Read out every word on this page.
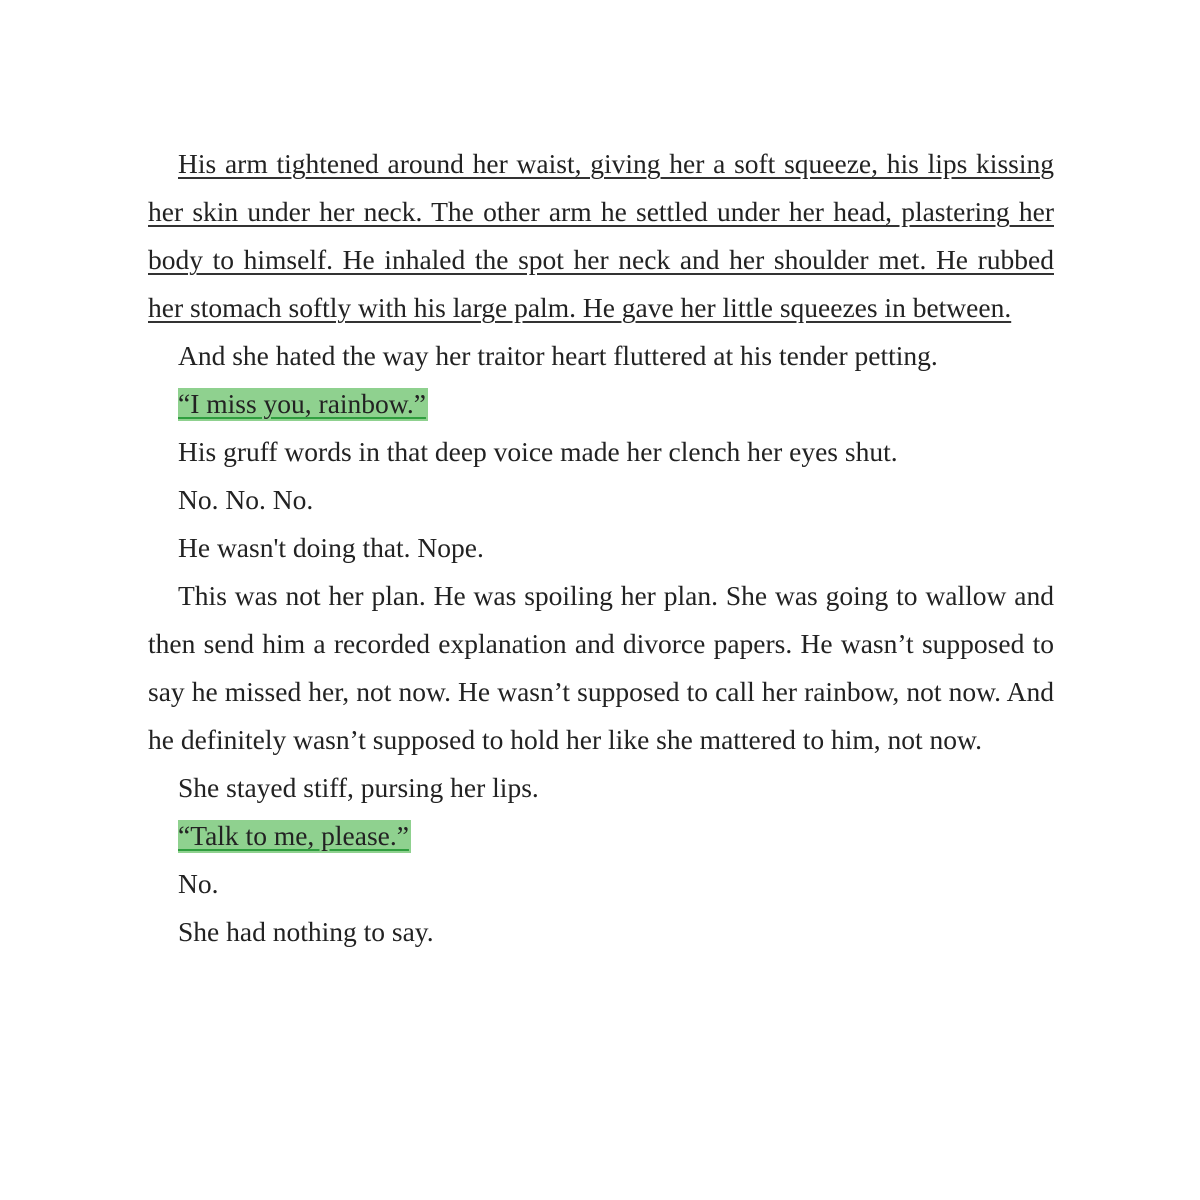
His arm tightened around her waist, giving her a soft squeeze, his lips kissing her skin under her neck. The other arm he settled under her head, plastering her body to himself. He inhaled the spot her neck and her shoulder met. He rubbed her stomach softly with his large palm. He gave her little squeezes in between.

And she hated the way her traitor heart fluttered at his tender petting.

“I miss you, rainbow.”

His gruff words in that deep voice made her clench her eyes shut.

No. No. No.

He wasn't doing that. Nope.

This was not her plan. He was spoiling her plan. She was going to wallow and then send him a recorded explanation and divorce papers. He wasn’t supposed to say he missed her, not now. He wasn’t supposed to call her rainbow, not now. And he definitely wasn’t supposed to hold her like she mattered to him, not now.

She stayed stiff, pursing her lips.

“Talk to me, please.”

No.

She had nothing to say.
